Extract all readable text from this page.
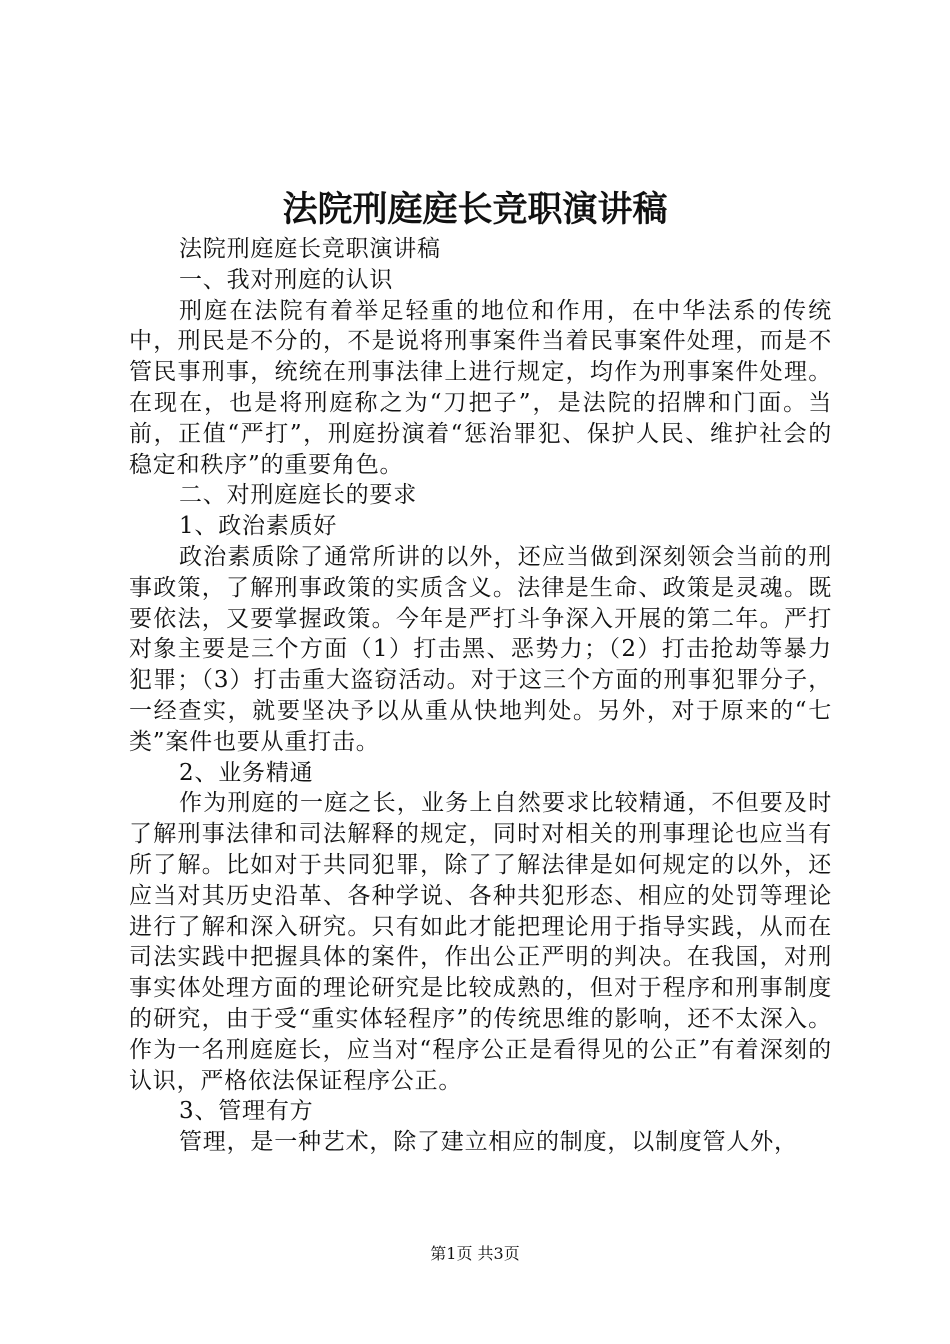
法院刑庭庭长竞职演讲稿

法院刑庭庭长竞职演讲稿

一、我对刑庭的认识

刑庭在法院有着举足轻重的地位和作用，在中华法系的传统中，刑民是不分的，不是说将刑事案件当着民事案件处理，而是不管民事刑事，统统在刑事法律上进行规定，均作为刑事案件处理。在现在，也是将刑庭称之为“刀把子”，是法院的招牌和门面。当前，正值“严打”，刑庭扮演着“惩治罪犯、保护人民、维护社会的稳定和秩序”的重要角色。

二、对刑庭庭长的要求

1、政治素质好

政治素质除了通常所讲的以外，还应当做到深刻领会当前的刑事政策，了解刑事政策的实质含义。法律是生命、政策是灵魂。既要依法，又要掌握政策。今年是严打斗争深入开展的第二年。严打对象主要是三个方面（1）打击黑、恶势力；（2）打击抢劫等暴力犯罪；（3）打击重大盗窃活动。对于这三个方面的刑事犯罪分子，一经查实，就要坚决予以从重从快地判处。另外，对于原来的“七类”案件也要从重打击。

2、业务精通

作为刑庭的一庭之长，业务上自然要求比较精通，不但要及时了解刑事法律和司法解释的规定，同时对相关的刑事理论也应当有所了解。比如对于共同犯罪，除了了解法律是如何规定的以外，还应当对其历史沿革、各种学说、各种共犯形态、相应的处罚等理论进行了解和深入研究。只有如此才能把理论用于指导实践，从而在司法实践中把握具体的案件，作出公正严明的判决。在我国，对刑事实体处理方面的理论研究是比较成熟的，但对于程序和刑事制度的研究，由于受“重实体轻程序”的传统思维的影响，还不太深入。作为一名刑庭庭长，应当对“程序公正是看得见的公正”有着深刻的认识，严格依法保证程序公正。

3、管理有方

管理，是一种艺术，除了建立相应的制度，以制度管人外，

第1页 共3页
